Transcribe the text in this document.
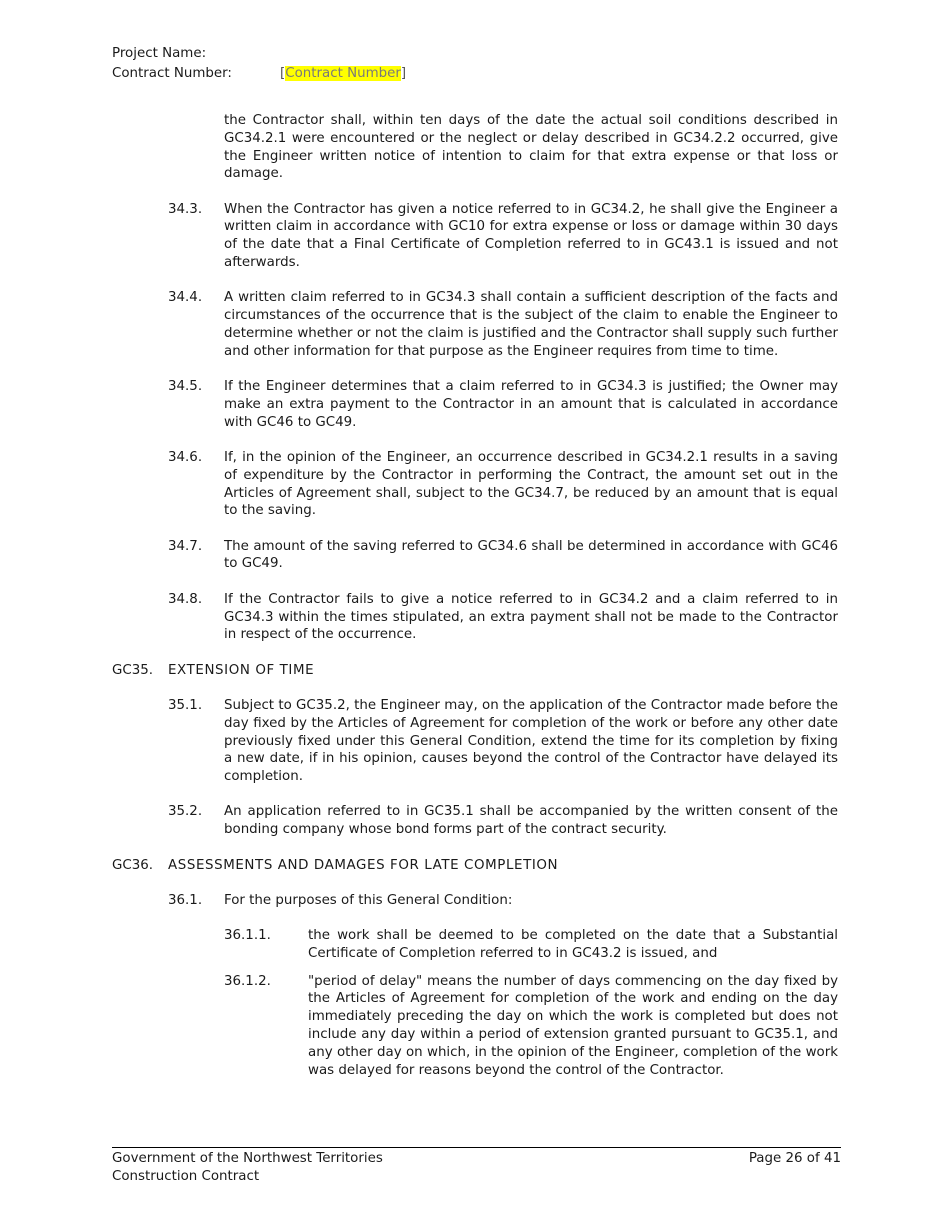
Project Name:
Contract Number:	[Contract Number]
the Contractor shall, within ten days of the date the actual soil conditions described in GC34.2.1 were encountered or the neglect or delay described in GC34.2.2 occurred, give the Engineer written notice of intention to claim for that extra expense or that loss or damage.
34.3.	When the Contractor has given a notice referred to in GC34.2, he shall give the Engineer a written claim in accordance with GC10 for extra expense or loss or damage within 30 days of the date that a Final Certificate of Completion referred to in GC43.1 is issued and not afterwards.
34.4.	A written claim referred to in GC34.3 shall contain a sufficient description of the facts and circumstances of the occurrence that is the subject of the claim to enable the Engineer to determine whether or not the claim is justified and the Contractor shall supply such further and other information for that purpose as the Engineer requires from time to time.
34.5.	If the Engineer determines that a claim referred to in GC34.3 is justified; the Owner may make an extra payment to the Contractor in an amount that is calculated in accordance with GC46 to GC49.
34.6.	If, in the opinion of the Engineer, an occurrence described in GC34.2.1 results in a saving of expenditure by the Contractor in performing the Contract, the amount set out in the Articles of Agreement shall, subject to the GC34.7, be reduced by an amount that is equal to the saving.
34.7.	The amount of the saving referred to GC34.6 shall be determined in accordance with GC46 to GC49.
34.8.	If the Contractor fails to give a notice referred to in GC34.2 and a claim referred to in GC34.3 within the times stipulated, an extra payment shall not be made to the Contractor in respect of the occurrence.
GC35.	EXTENSION OF TIME
35.1.	Subject to GC35.2, the Engineer may, on the application of the Contractor made before the day fixed by the Articles of Agreement for completion of the work or before any other date previously fixed under this General Condition, extend the time for its completion by fixing a new date, if in his opinion, causes beyond the control of the Contractor have delayed its completion.
35.2.	An application referred to in GC35.1 shall be accompanied by the written consent of the bonding company whose bond forms part of the contract security.
GC36.	ASSESSMENTS AND DAMAGES FOR LATE COMPLETION
36.1.	For the purposes of this General Condition:
36.1.1.	the work shall be deemed to be completed on the date that a Substantial Certificate of Completion referred to in GC43.2 is issued, and
36.1.2.	"period of delay" means the number of days commencing on the day fixed by the Articles of Agreement for completion of the work and ending on the day immediately preceding the day on which the work is completed but does not include any day within a period of extension granted pursuant to GC35.1, and any other day on which, in the opinion of the Engineer, completion of the work was delayed for reasons beyond the control of the Contractor.
Government of the Northwest Territories
Construction Contract
Page 26 of 41
